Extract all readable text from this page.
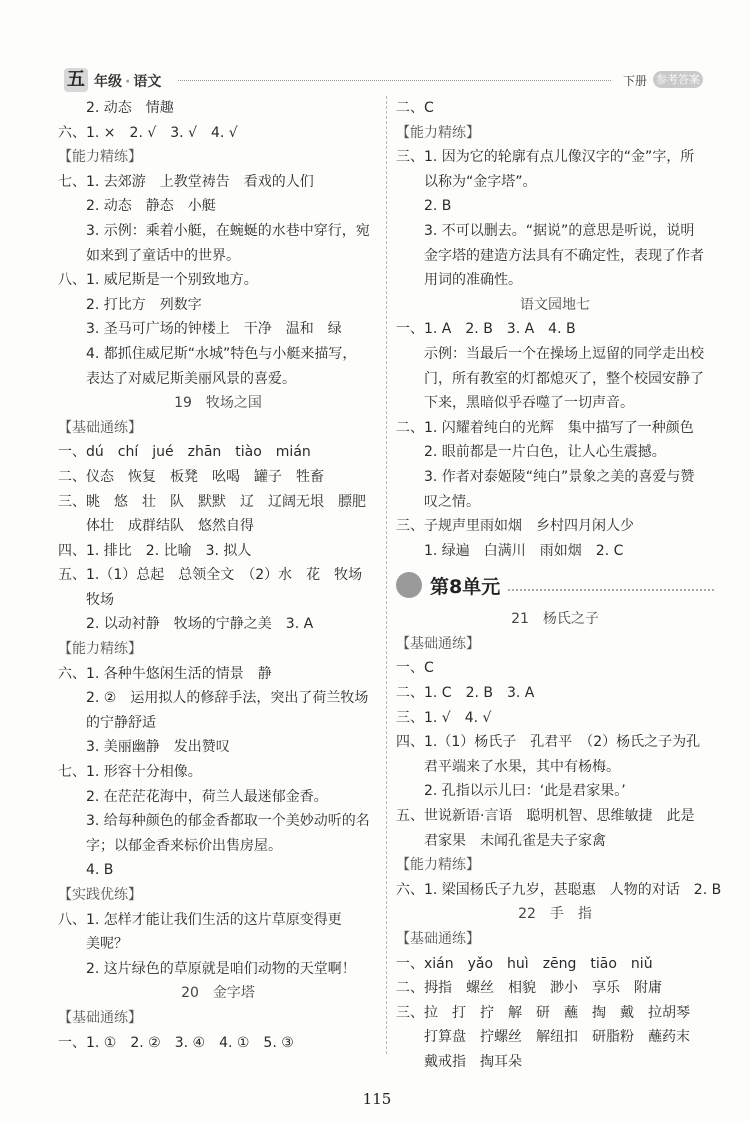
五 年级 · 语文	下册 参考答案
2. 动态　情趣
六、1. ×　2. √　3. √　4. √
【能力精练】
七、1. 去郊游　上教堂祷告　看戏的人们
2. 动态　静态　小艇
3. 示例：乘着小艇，在蜿蜒的水巷中穿行，宛
如来到了童话中的世界。
八、1. 威尼斯是一个别致地方。
2. 打比方　列数字
3. 圣马可广场的钟楼上　干净　温和　绿
4. 都抓住威尼斯“水城”特色与小艇来描写，
表达了对威尼斯美丽风景的喜爱。
19　牧场之国
【基础通练】
一、dú　chí　jué　zhān　tiào　mián
二、仪态　恢复　板凳　吆喝　罐子　牲畜
三、眺　悠　壮　队　默默　辽　辽阔无垠　膘肥
体壮　成群结队　悠然自得
四、1. 排比　2. 比喻　3. 拟人
五、1.（1）总起　总领全文　（2）水　花　牧场
牧场
2. 以动衬静　牧场的宁静之美　3. A
【能力精练】
六、1. 各种牛悠闲生活的情景　静
2. ②　运用拟人的修辞手法，突出了荷兰牧场
的宁静舒适
3. 美丽幽静　发出赞叹
七、1. 形容十分相像。
2. 在茫茫花海中，荷兰人最迷郁金香。
3. 给每种颜色的郁金香都取一个美妙动听的名
字；以郁金香来标价出售房屋。
4. B
【实践优练】
八、1. 怎样才能让我们生活的这片草原变得更
美呢？
2. 这片绿色的草原就是咱们动物的天堂啊！
20　金字塔
【基础通练】
一、1. ①　2. ②　3. ④　4. ①　5. ③
二、C
【能力精练】
三、1. 因为它的轮廓有点儿像汉字的“金”字，所
以称为“金字塔”。
2. B
3. 不可以删去。“据说”的意思是听说，说明
金字塔的建造方法具有不确定性，表现了作者
用词的准确性。
语文园地七
一、1. A　2. B　3. A　4. B
示例：当最后一个在操场上逗留的同学走出校
门，所有教室的灯都熄灭了，整个校园安静了
下来，黑暗似乎吞噬了一切声音。
二、1. 闪耀着纯白的光辉　集中描写了一种颜色
2. 眼前都是一片白色，让人心生震撼。
3. 作者对泰姬陵“纯白”景象之美的喜爱与赞
叹之情。
三、子规声里雨如烟　乡村四月闲人少
1. 绿遍　白满川　雨如烟　2. C
第8单元
21　杨氏之子
【基础通练】
一、C
二、1. C　2. B　3. A
三、1. √　4. √
四、1.（1）杨氏子　孔君平　（2）杨氏之子为孔
君平端来了水果，其中有杨梅。
2. 孔指以示儿曰：‘此是君家果。’
五、世说新语·言语　聪明机智、思维敏捷　此是
君家果　未闻孔雀是夫子家禽
【能力精练】
六、1. 梁国杨氏子九岁，甚聪惠　人物的对话　2. B
22　手　指
【基础通练】
一、xián　yǎo　huì　zēng　tiāo　niǔ
二、拇指　螺丝　相貌　渺小　享乐　附庸
三、拉　打　拧　解　研　蘸　掏　戴　拉胡琴
打算盘　拧螺丝　解纽扣　研脂粉　蘸药末
戴戒指　掏耳朵
115
